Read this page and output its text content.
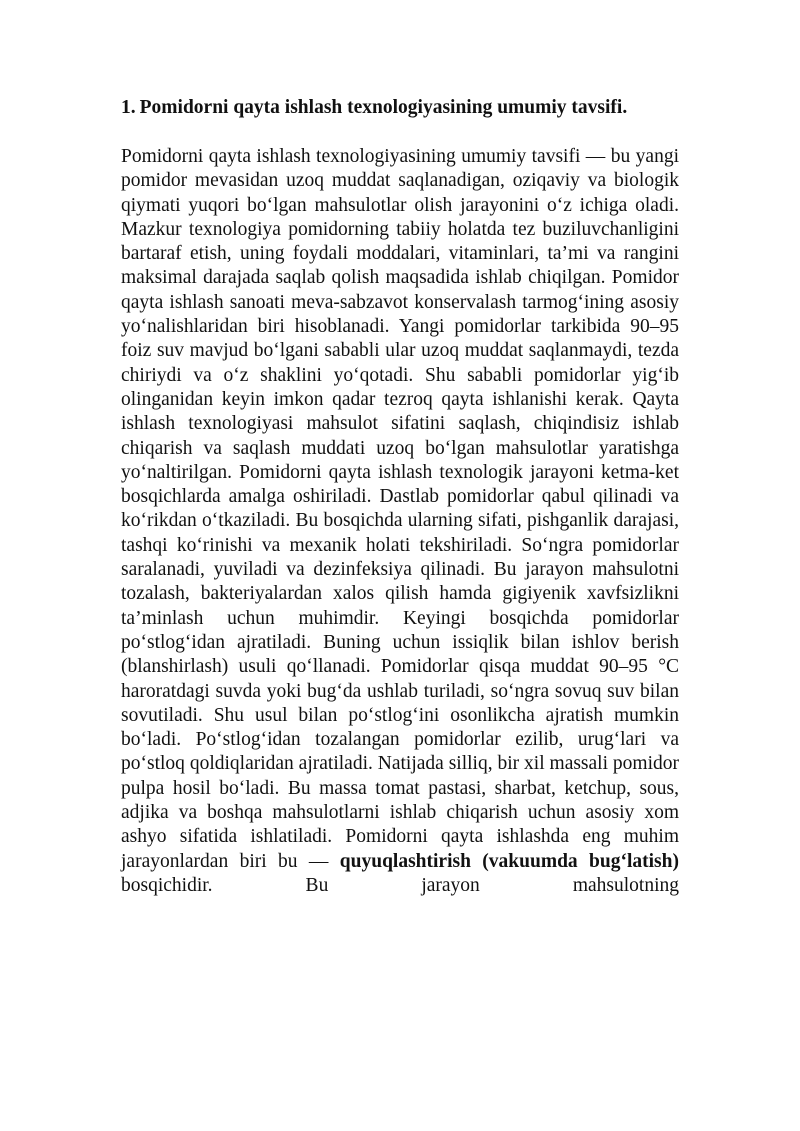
1. Pomidorni qayta ishlash texnologiyasining umumiy tavsifi.

Pomidorni qayta ishlash texnologiyasining umumiy tavsifi — bu yangi pomidor mevasidan uzoq muddat saqlanadigan, oziqaviy va biologik qiymati yuqori bo‘lgan mahsulotlar olish jarayonini o‘z ichiga oladi. Mazkur texnologiya pomidorning tabiiy holatda tez buziluvchanligini bartaraf etish, uning foydali moddalari, vitaminlari, ta’mi va rangini maksimal darajada saqlab qolish maqsadida ishlab chiqilgan. Pomidor qayta ishlash sanoati meva-sabzavot konservalash tarmog‘ining asosiy yo‘nalishlaridan biri hisoblanadi. Yangi pomidorlar tarkibida 90–95 foiz suv mavjud bo‘lgani sababli ular uzoq muddat saqlanmaydi, tezda chiriydi va o‘z shaklini yo‘qotadi. Shu sababli pomidorlar yig‘ib olinganidan keyin imkon qadar tezroq qayta ishlanishi kerak. Qayta ishlash texnologiyasi mahsulot sifatini saqlash, chiqindisiz ishlab chiqarish va saqlash muddati uzoq bo‘lgan mahsulotlar yaratishga yo‘naltirilgan. Pomidorni qayta ishlash texnologik jarayoni ketma-ket bosqichlarda amalga oshiriladi. Dastlab pomidorlar qabul qilinadi va ko‘rikdan o‘tkaziladi. Bu bosqichda ularning sifati, pishganlik darajasi, tashqi ko‘rinishi va mexanik holati tekshiriladi. So‘ngra pomidorlar saralanadi, yuviladi va dezinfeksiya qilinadi. Bu jarayon mahsulotni tozalash, bakteriyalardan xalos qilish hamda gigiyenik xavfsizlikni ta’minlash uchun muhimdir. Keyingi bosqichda pomidorlar po‘stlog‘idan ajratiladi. Buning uchun issiqlik bilan ishlov berish (blanshirlash) usuli qo‘llanadi. Pomidorlar qisqa muddat 90–95 °C haroratdagi suvda yoki bug‘da ushlab turiladi, so‘ngra sovuq suv bilan sovutiladi. Shu usul bilan po‘stlog‘ini osonlikcha ajratish mumkin bo‘ladi. Po‘stlog‘idan tozalangan pomidorlar ezilib, urug‘lari va po‘stloq qoldiqlaridan ajratiladi. Natijada silliq, bir xil massali pomidor pulpa hosil bo‘ladi. Bu massa tomat pastasi, sharbat, ketchup, sous, adjika va boshqa mahsulotlarni ishlab chiqarish uchun asosiy xom ashyo sifatida ishlatiladi. Pomidorni qayta ishlashda eng muhim jarayonlardan biri bu — quyuqlashtirish (vakuumda bug‘latish) bosqichidir. Bu jarayon mahsulotning
